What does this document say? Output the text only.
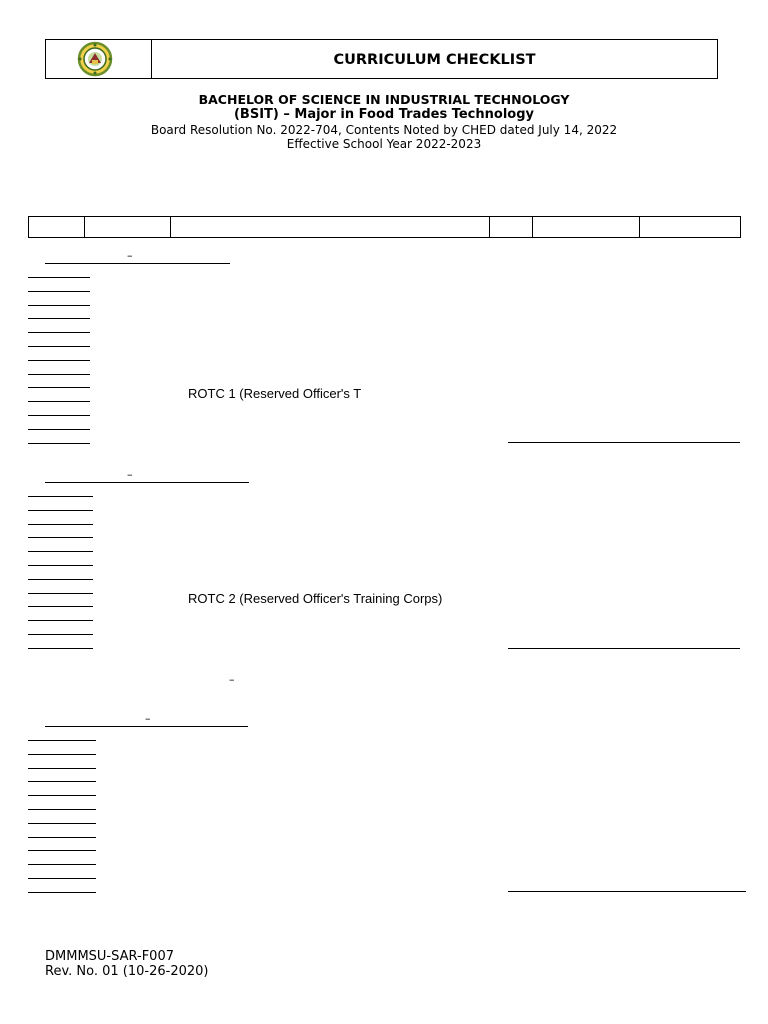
CURRICULUM CHECKLIST
BACHELOR OF SCIENCE IN INDUSTRIAL TECHNOLOGY
(BSIT) – Major in Food Trades Technology
Board Resolution No. 2022-704, Contents Noted by CHED dated July 14, 2022
Effective School Year 2022-2023
–
ROTC 1 (Reserved Officer's T
–
ROTC 2 (Reserved Officer's Training Corps)
–
–
DMMMSU-SAR-F007
Rev. No. 01 (10-26-2020)
